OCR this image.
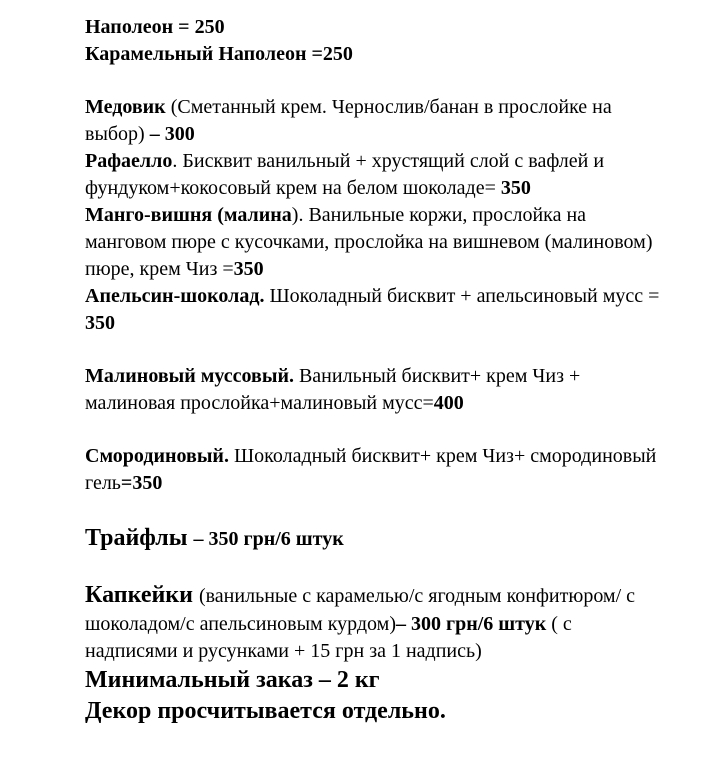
Наполеон = 250

Карамельный Наполеон =250

Медовик (Сметанный крем. Чернослив/банан в прослойке на выбор) – 300

Рафаелло. Бисквит ванильный + хрустящий слой с вафлей и фундуком+кокосовый крем на белом шоколаде= 350

Манго-вишня (малина). Ванильные коржи, прослойка на манговом пюре с кусочками, прослойка на вишневом (малиновом) пюре, крем Чиз =350

Апельсин-шоколад. Шоколадный бисквит + апельсиновый мусс = 350

Малиновый муссовый. Ванильный бисквит+ крем Чиз + малиновая прослойка+малиновый мусс=400

Смородиновый. Шоколадный бисквит+ крем Чиз+ смородиновый гель=350

Трайфлы – 350 грн/6 штук

Капкейки (ванильные с карамелью/с ягодным конфитюром/ с шоколадом/с апельсиновым курдом)– 300 грн/6 штук ( с надписями и русунками + 15 грн за 1 надпись)

Минимальный заказ – 2 кг

Декор просчитывается отдельно.
